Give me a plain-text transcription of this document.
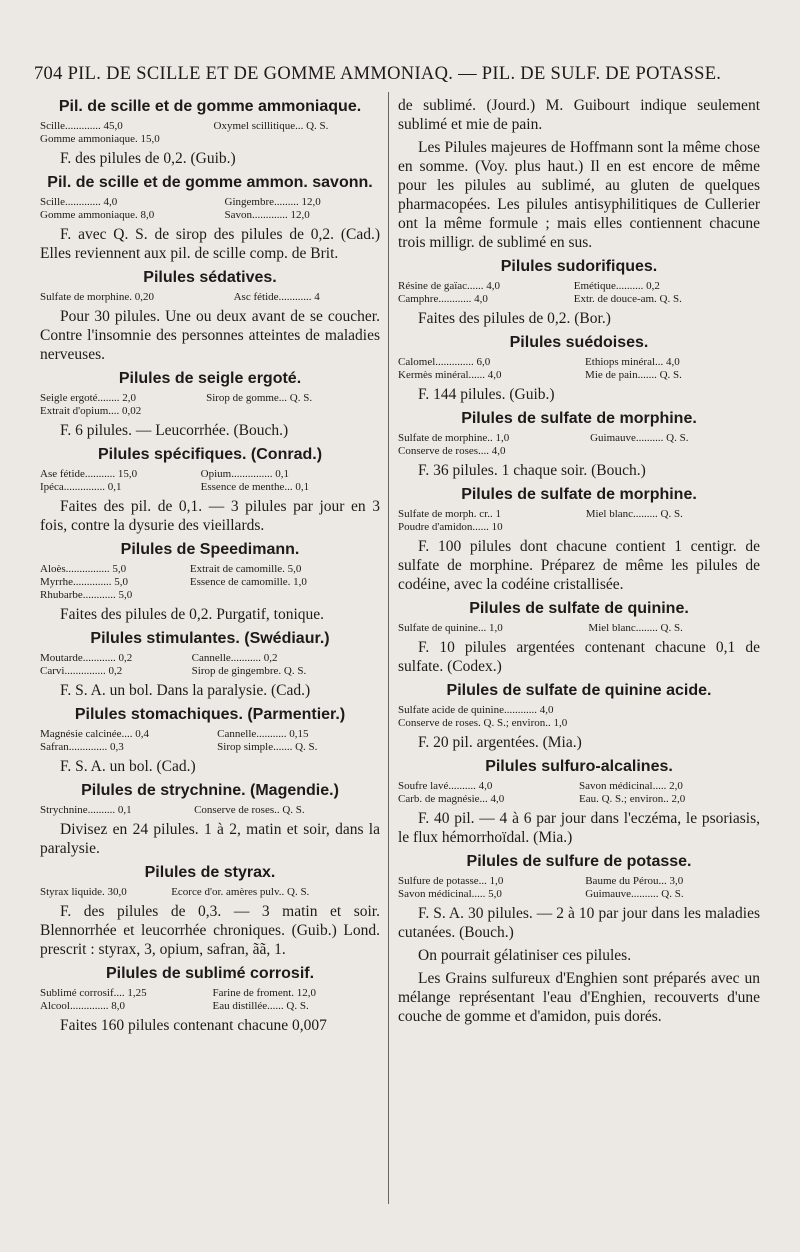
704 PIL. DE SCILLE ET DE GOMME AMMONIAQ. — PIL. DE SULF. DE POTASSE.
Pil. de scille et de gomme ammoniaque.
Scille............. 45,0	Oxymel scillitique... Q. S.
Gomme ammoniaque. 15,0	

F. des pilules de 0,2. (Guib.)

Pil. de scille et de gomme ammon. savonn.
Scille............. 4,0	Gingembre......... 12,0
Gomme ammoniaque. 8,0	Savon............. 12,0

F. avec Q. S. de sirop des pilules de 0,2. (Cad.) Elles reviennent aux pil. de scille comp. de Brit.

Pilules sédatives.
Sulfate de morphine. 0,20	Asc fétide............ 4

Pour 30 pilules. Une ou deux avant de se coucher. Contre l'insomnie des personnes atteintes de maladies nerveuses.

Pilules de seigle ergoté.
Seigle ergoté........ 2,0	Sirop de gomme... Q. S.
Extrait d'opium.... 0,02	

F. 6 pilules. — Leucorrhée. (Bouch.)

Pilules spécifiques. (Conrad.)
Ase fétide........... 15,0	Opium............... 0,1
Ipéca............... 0,1	Essence de menthe... 0,1

Faites des pil. de 0,1. — 3 pilules par jour en 3 fois, contre la dysurie des vieillards.

Pilules de Speedimann.
Aloès................ 5,0	Extrait de camomille. 5,0
Myrrhe.............. 5,0	Essence de camomille. 1,0
Rhubarbe............ 5,0	

Faites des pilules de 0,2. Purgatif, tonique.

Pilules stimulantes. (Swédiaur.)
Moutarde............ 0,2	Cannelle........... 0,2
Carvi............... 0,2	Sirop de gingembre. Q. S.

F. S. A. un bol. Dans la paralysie. (Cad.)

Pilules stomachiques. (Parmentier.)
Magnésie calcinée.... 0,4	Cannelle........... 0,15
Safran.............. 0,3	Sirop simple....... Q. S.

F. S. A. un bol. (Cad.)

Pilules de strychnine. (Magendie.)
Strychnine.......... 0,1	Conserve de roses.. Q. S.

Divisez en 24 pilules. 1 à 2, matin et soir, dans la paralysie.

Pilules de styrax.
Styrax liquide. 30,0	Ecorce d'or. amères pulv.. Q. S.

F. des pilules de 0,3. — 3 matin et soir. Blennorrhée et leucorrhée chroniques. (Guib.) Lond. prescrit : styrax, 3, opium, safran, ãã, 1.

Pilules de sublimé corrosif.
Sublimé corrosif.... 1,25	Farine de froment. 12,0
Alcool.............. 8,0	Eau distillée...... Q. S.

Faites 160 pilules contenant chacune 0,007

de sublimé. (Jourd.) M. Guibourt indique seulement sublimé et mie de pain.

Les Pilules majeures de Hoffmann sont la même chose en somme. (Voy. plus haut.) Il en est encore de même pour les pilules au sublimé, au gluten de quelques pharmacopées. Les pilules antisyphilitiques de Cullerier ont la même formule ; mais elles contiennent chacune trois milligr. de sublimé en sus.

Pilules sudorifiques.
Résine de gaïac...... 4,0	Emétique.......... 0,2
Camphre............ 4,0	Extr. de douce-am. Q. S.

Faites des pilules de 0,2. (Bor.)

Pilules suédoises.
Calomel.............. 6,0	Ethiops minéral... 4,0
Kermès minéral...... 4,0	Mie de pain....... Q. S.

F. 144 pilules. (Guib.)

Pilules de sulfate de morphine.
Sulfate de morphine.. 1,0	Guimauve.......... Q. S.
Conserve de roses.... 4,0	

F. 36 pilules. 1 chaque soir. (Bouch.)

Pilules de sulfate de morphine.
Sulfate de morph. cr.. 1	Miel blanc......... Q. S.
Poudre d'amidon...... 10	

F. 100 pilules dont chacune contient 1 centigr. de sulfate de morphine. Préparez de même les pilules de codéine, avec la codéine cristallisée.

Pilules de sulfate de quinine.
Sulfate de quinine... 1,0	Miel blanc........ Q. S.

F. 10 pilules argentées contenant chacune 0,1 de sulfate. (Codex.)

Pilules de sulfate de quinine acide.
Sulfate acide de quinine............ 4,0	
Conserve de roses. Q. S.; environ.. 1,0	

F. 20 pil. argentées. (Mia.)

Pilules sulfuro-alcalines.
Soufre lavé.......... 4,0	Savon médicinal..... 2,0
Carb. de magnésie... 4,0	Eau. Q. S.; environ.. 2,0

F. 40 pil. — 4 à 6 par jour dans l'eczéma, le psoriasis, le flux hémorrhoïdal. (Mia.)

Pilules de sulfure de potasse.
Sulfure de potasse... 1,0	Baume du Pérou... 3,0
Savon médicinal..... 5,0	Guimauve.......... Q. S.

F. S. A. 30 pilules. — 2 à 10 par jour dans les maladies cutanées. (Bouch.)

On pourrait gélatiniser ces pilules.

Les Grains sulfureux d'Enghien sont préparés avec un mélange représentant l'eau d'Enghien, recouverts d'une couche de gomme et d'amidon, puis dorés.
